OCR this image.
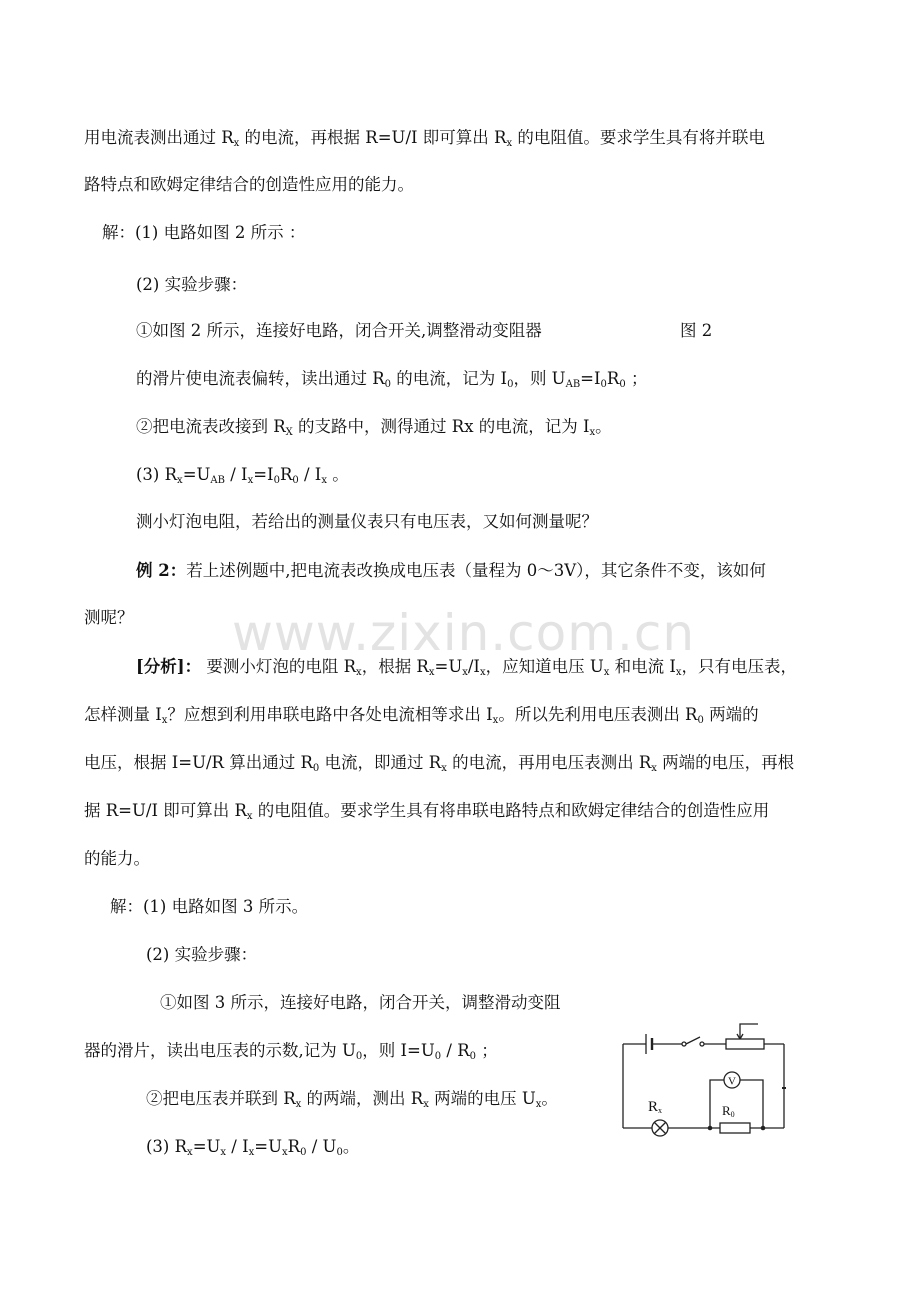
www.zixin.com.cn

用电流表测出通过 $R_x$ 的电流，再根据 R=U/I 即可算出 $R_x$ 的电阻值。要求学生具有将并联电

路特点和欧姆定律结合的创造性应用的能力。

解：(1) 电路如图 2 所示 ：

(2) 实验步骤：

①如图 2 所示，连接好电路，闭合开关,调整滑动变阻器	图 2

的滑片使电流表偏转，读出通过 $R_0$ 的电流，记为 $I_0$，则 $U_{AB}=I_0R_0$ ；

②把电流表改接到 $R_X$ 的支路中，测得通过 Rx 的电流，记为 $I_x$。

(3) $R_x=U_{AB} / I_x=I_0R_0 / I_x$ 。

测小灯泡电阻，若给出的测量仪表只有电压表，又如何测量呢？

例 2：若上述例题中,把电流表改换成电压表（量程为 0～3V），其它条件不变，该如何

测呢？

[分析]： 要测小灯泡的电阻 $R_x$，根据 $R_x=U_x/I_x$，应知道电压 $U_x$ 和电流 $I_x$，只有电压表，

怎样测量 $I_x$？应想到利用串联电路中各处电流相等求出 $I_x$。所以先利用电压表测出 $R_0$ 两端的

电压，根据 I=U/R 算出通过 $R_0$ 电流，即通过 $R_x$ 的电流，再用电压表测出 $R_x$ 两端的电压，再根

据 R=U/I 即可算出 $R_x$ 的电阻值。要求学生具有将串联电路特点和欧姆定律结合的创造性应用

的能力。

解：(1) 电路如图 3 所示。

(2) 实验步骤：

①如图 3 所示，连接好电路，闭合开关，调整滑动变阻

器的滑片，读出电压表的示数,记为 $U_0$，则 $I=U_0 / R_0$ ；

②把电压表并联到 $R_x$ 的两端，测出 $R_x$ 两端的电压 $U_x$。

(3) $R_x=U_x / I_x=U_xR_0 / U_0$。

V
Rx	R0
